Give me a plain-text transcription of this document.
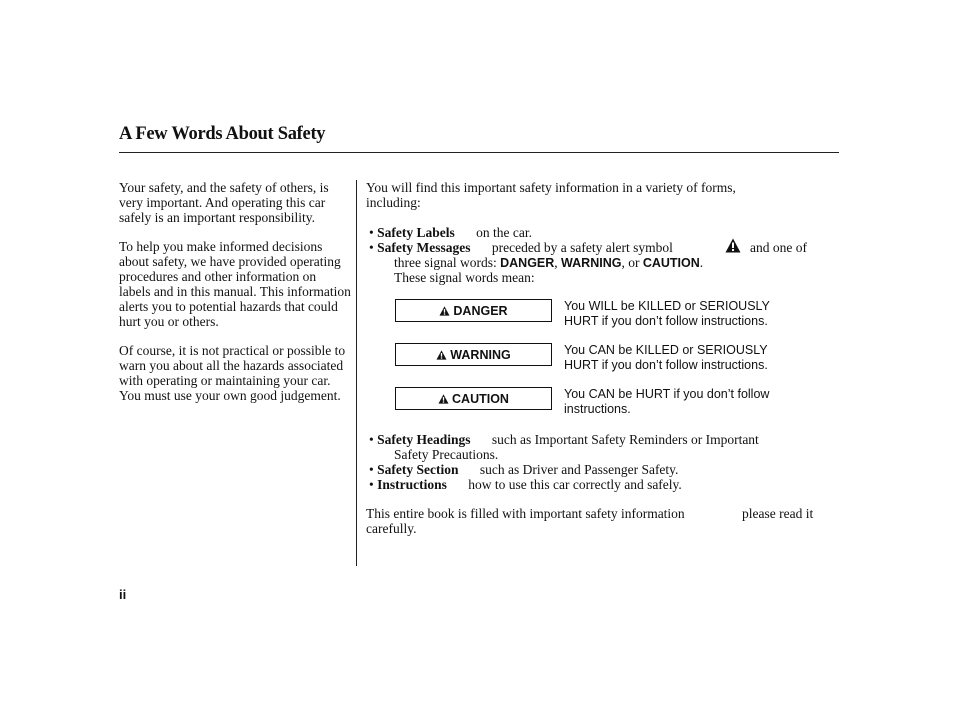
A Few Words About Safety

Your safety, and the safety of others, is very important. And operating this car safely is an important responsibility.

To help you make informed decisions about safety, we have provided operating procedures and other information on labels and in this manual. This information alerts you to potential hazards that could hurt you or others.

Of course, it is not practical or possible to warn you about all the hazards associated with operating or maintaining your car. You must use your own good judgement.

You will find this important safety information in a variety of forms,
including:
• Safety Labels on the car.
• Safety Messages preceded by a safety alert symbol	and one of
three signal words: DANGER, WARNING, or CAUTION.
These signal words mean:
DANGER	You WILL be KILLED or SERIOUSLY
HURT if you don’t follow instructions.
WARNING	You CAN be KILLED or SERIOUSLY
HURT if you don’t follow instructions.
CAUTION	You CAN be HURT if you don’t follow
instructions.
• Safety Headings such as Important Safety Reminders or Important
Safety Precautions.
• Safety Section such as Driver and Passenger Safety.
• Instructions how to use this car correctly and safely.
This entire book is filled with important safety information	please read it
carefully.
ii
